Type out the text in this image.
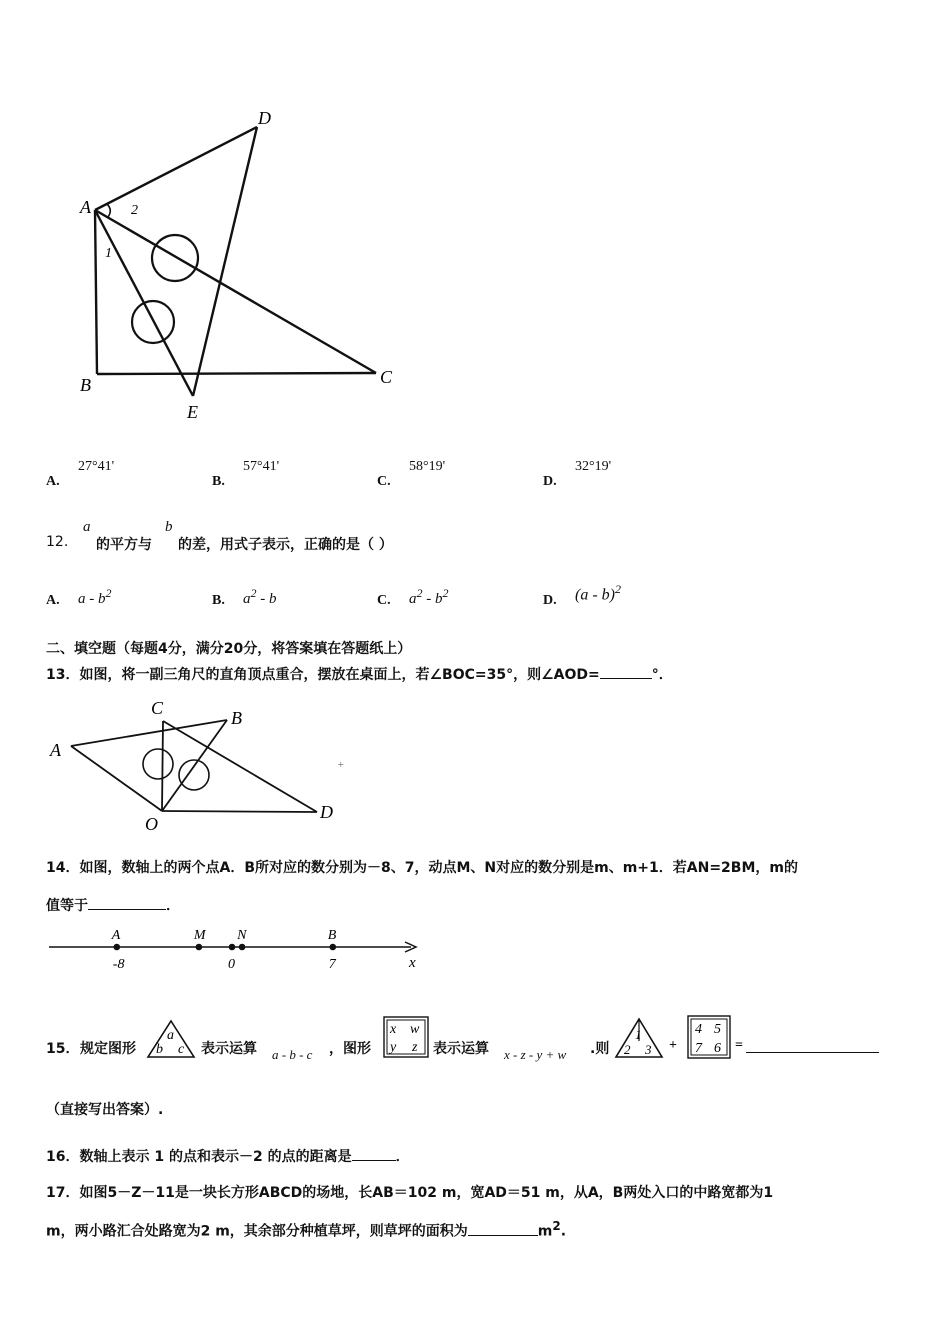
A
D
B	C
E
2
1
A.
27°41'
B.
57°41'
C.
58°19'
D.
32°19'
12.
a
的平方与
b
的差，用式子表示，正确的是（ ）
A. a - $b^2$	B. $a^2$ - b	C. $a^2 - b^2$	D. (a - b)$^2$
二、填空题（每题4分，满分20分，将答案填在答题纸上）
13．如图，将一副三角尺的直角顶点重合，摆放在桌面上，若∠BOC=35°，则∠AOD=	°．
C	B
A
O
D
+
14．如图，数轴上的两个点A．B所对应的数分别为－8、7，动点M、N对应的数分别是m、m+1．若AN=2BM，m的
值等于	．
x
A
-8
M
0
N	B
7
15． 规定图形
a
b c 表示运算 a - b - c ，图形
x w
y z 表示运算 x - z - y + w .则
1
2 3 +
4 5
7 6 =
（直接写出答案）.
16．数轴上表示 1 的点和表示－2 的点的距离是	．
17．如图5－Z－11是一块长方形ABCD的场地，长AB＝102 m，宽AD＝51 m，从A，B两处入口的中路宽都为1
m，两小路汇合处路宽为2 m，其余部分种植草坪，则草坪的面积为	$m^2$.
